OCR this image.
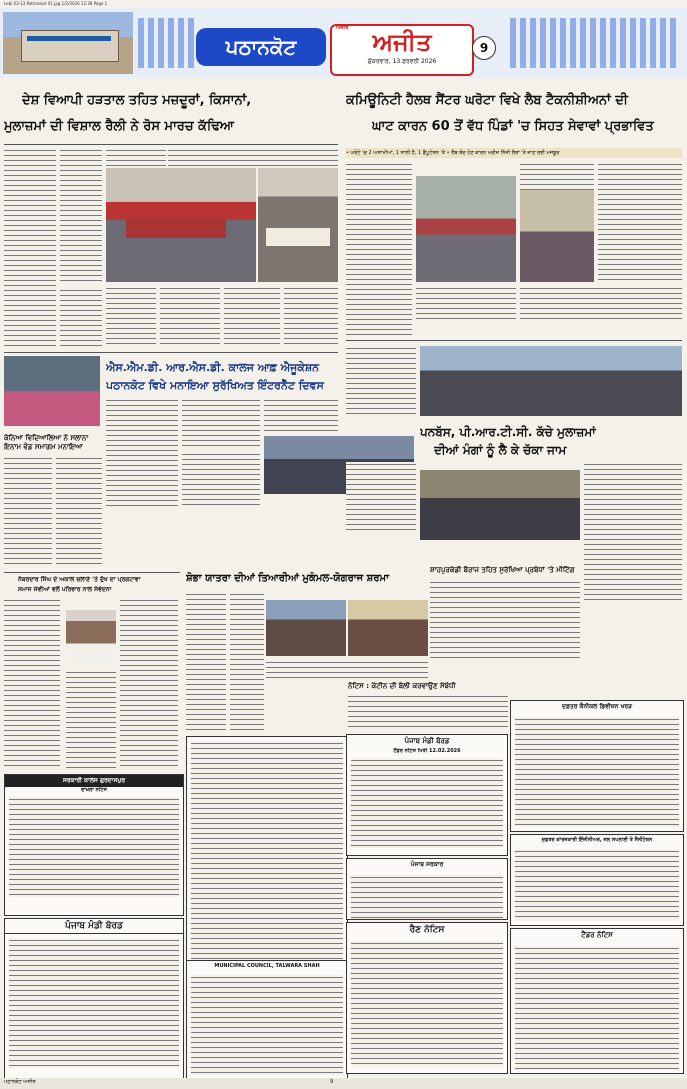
Lebi 03-13-Pathankot 01.jpg 1/2/2026 12:38 Page 1
ਪਠਾਨਕੋਟ
ਅਜੀਤ	ਅਜੀਤ
ਸ਼ੁੱਕਰਵਾਰ, 13 ਫਰਵਰੀ 2026
9
ਦੇਸ਼ ਵਿਆਪੀ ਹੜਤਾਲ ਤਹਿਤ ਮਜ਼ਦੂਰਾਂ, ਕਿਸਾਨਾਂ,
ਮੁਲਾਜ਼ਮਾਂ ਦੀ ਵਿਸ਼ਾਲ ਰੈਲੀ ਨੇ ਰੋਸ ਮਾਰਚ ਕੱਢਿਆ
ਐਸ.ਐਮ.ਡੀ. ਆਰ.ਐਸ.ਡੀ. ਕਾਲਜ ਆਫ਼ ਐਜੂਕੇਸ਼ਨ
ਪਠਾਨਕੋਟ ਵਿਖੇ ਮਨਾਇਆ ਸੁਰੱਖਿਅਤ ਇੰਟਰਨੈੱਟ ਦਿਵਸ
ਕੰਨਿਆ ਵਿਦਿਆਲਿਆ ਨੇ ਸਲਾਨਾ ਇਨਾਮ ਵੰਡ ਸਮਾਗਮ ਮਨਾਇਆ
ਨੰਬਰਦਾਰ ਸਿੰਘ ਦੇ ਅਕਾਲ ਚਲਾਣੇ 'ਤੇ ਦੁੱਖ ਦਾ ਪ੍ਰਗਟਾਵਾ
ਸਮਾਜ ਸੇਵੀਆਂ ਵਲੋਂ ਪਰਿਵਾਰ ਨਾਲ ਸੰਵੇਦਨਾ
ਸ਼ੋਭਾ ਯਾਤਰਾ ਦੀਆਂ ਤਿਆਰੀਆਂ ਮੁਕੰਮਲ-ਯੋਗਰਾਜ ਸ਼ਰਮਾ
ਨੋਟਿਸ : ਕੰਟੀਨ ਦੀ ਬੋਲੀ ਕਰਵਾਉਣ ਸੰਬੰਧੀ
ਸਰਕਾਰੀ ਕਾਲਜ ਗੁਰਦਾਸਪੁਰ
ਦਾਖ਼ਲਾ ਨੋਟਿਸ
ਪੰਜਾਬ ਮੰਡੀ ਬੋਰਡ
MUNICIPAL COUNCIL, TALWARA SHAH
ਕਮਿਊਨਿਟੀ ਹੈਲਥ ਸੈਂਟਰ ਘਰੋਟਾ ਵਿਖੇ ਲੈਬ ਟੈਕਨੀਸ਼ੀਅਨਾਂ ਦੀ
ਘਾਟ ਕਾਰਨ 60 ਤੋਂ ਵੱਧ ਪਿੰਡਾਂ 'ਚ ਸਿਹਤ ਸੇਵਾਵਾਂ ਪ੍ਰਭਾਵਿਤ
• ਘਰੋਟੇ 'ਚ 2 ਅਸਾਮੀਆਂ, 1 ਸਾਲੀ ਹੈ, 1 ਡੈਪੂਟੇਸ਼ਨ 'ਤੇ • ਲੈਬ ਬੰਦ ਹੋਣ ਕਾਰਨ ਮਰੀਜ਼ ਨਿੱਜੀ ਲੈਬਾਂ 'ਤੇ ਜਾਣ ਲਈ ਮਜਬੂਰ
ਪਨਬੱਸ, ਪੀ.ਆਰ.ਟੀ.ਸੀ. ਕੱਚੇ ਮੁਲਾਜ਼ਮਾਂ
ਦੀਆਂ ਮੰਗਾਂ ਨੂੰ ਲੈ ਕੇ ਚੱਕਾ ਜਾਮ
ਸ਼ਾਹਪੁਰਕੰਡੀ ਬੈਰਾਜ ਤਹਿਤ ਸੁਰੱਖਿਆ ਪ੍ਰਬੰਧਾਂ 'ਤੇ ਮੀਟਿੰਗ
ਪੰਜਾਬ ਮੰਡੀ ਬੋਰਡ
ਟੈਂਡਰ ਨੋਟਿਸ ਮਿਤੀ 12.02.2026
ਪੰਜਾਬ ਸਰਕਾਰ
ਰੈਣ ਨੋਟਿਸ
ਦਫ਼ਤਰ ਕੈਨੀਕਲ ਡਿਵੀਜ਼ਨ ਖਰੜ
ਦਫ਼ਤਰ ਕਾਰਜਕਾਰੀ ਇੰਜੀਨੀਅਰ, ਜਲ ਸਪਲਾਈ ਤੇ ਸੈਨੀਟੇਸ਼ਨ
ਟੈਂਡਰ ਨੋਟਿਸ
ਪਠਾਨਕੋਟ ਅਜੀਤ	9
